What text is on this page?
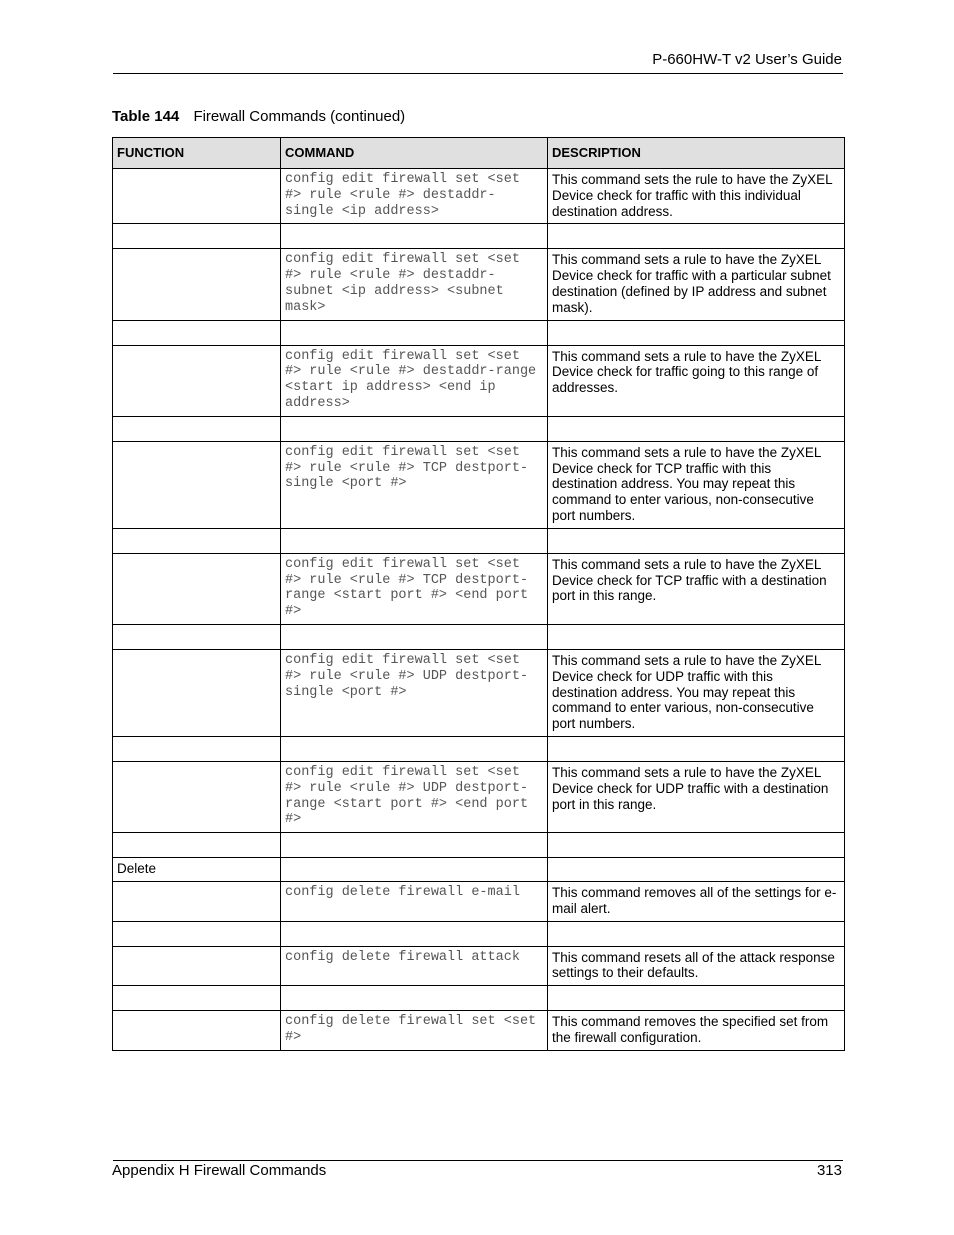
P-660HW-T v2 User’s Guide
Table 144 Firewall Commands (continued)
FUNCTION	COMMAND	DESCRIPTION
	config edit firewall set <set #> rule <rule #> destaddr-single <ip address>	This command sets the rule to have the ZyXEL Device check for traffic with this individual destination address.

	config edit firewall set <set #> rule <rule #> destaddr-subnet <ip address> <subnet mask>	This command sets a rule to have the ZyXEL Device check for traffic with a particular subnet destination (defined by IP address and subnet mask).

	config edit firewall set <set #> rule <rule #> destaddr-range <start ip address> <end ip address>	This command sets a rule to have the ZyXEL Device check for traffic going to this range of addresses.

	config edit firewall set <set #> rule <rule #> TCP destport-single <port #>	This command sets a rule to have the ZyXEL Device check for TCP traffic with this destination address. You may repeat this command to enter various, non-consecutive port numbers.

	config edit firewall set <set #> rule <rule #> TCP destport-range <start port #> <end port #>	This command sets a rule to have the ZyXEL Device check for TCP traffic with a destination port in this range.

	config edit firewall set <set #> rule <rule #> UDP destport-single <port #>	This command sets a rule to have the ZyXEL Device check for UDP traffic with this destination address. You may repeat this command to enter various, non-consecutive port numbers.

	config edit firewall set <set #> rule <rule #> UDP destport-range <start port #> <end port #>	This command sets a rule to have the ZyXEL Device check for UDP traffic with a destination port in this range.

Delete		
	config delete firewall e-mail	This command removes all of the settings for e-mail alert.

	config delete firewall attack	This command resets all of the attack response settings to their defaults.

	config delete firewall set <set #>	This command removes the specified set from the firewall configuration.
Appendix H Firewall Commands	313
